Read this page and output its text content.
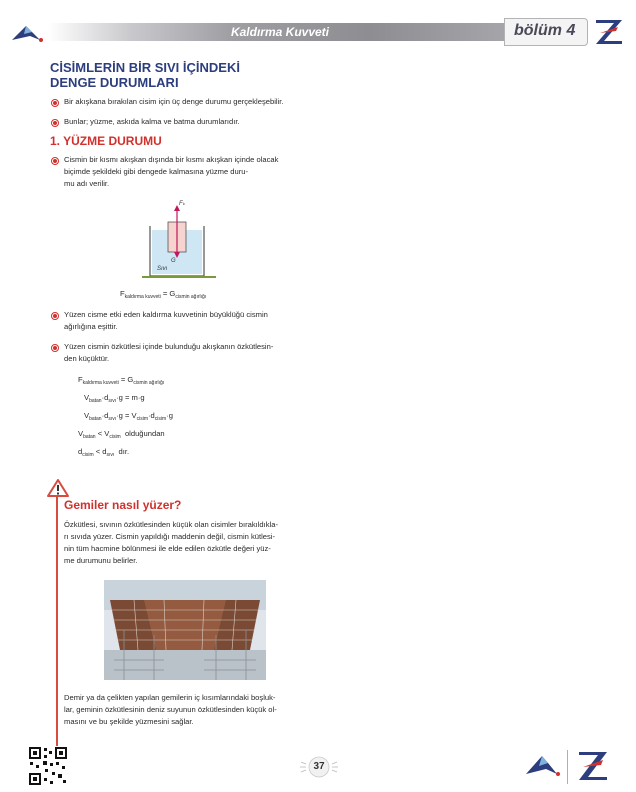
Kaldırma Kuvveti	bölüm 4
CİSİMLERİN BİR SIVI İÇİNDEKİ
DENGE DURUMLARI
Bir akışkana bırakılan cisim için üç denge durumu gerçekleşebilir.
Bunlar; yüzme, askıda kalma ve batma durumlarıdır.
1. YÜZME DURUMU
Cismin bir kısmı akışkan dışında bir kısmı akışkan içinde olacak
biçimde şekildeki gibi dengede kalmasına yüzme duru-
mu adı verilir.
Fₖ
G
Sıvı
$F_{kaldırma kuvveti} = G_{cismin ağırlığı}$
Yüzen cisme etki eden kaldırma kuvvetinin büyüklüğü cismin
ağırlığına eşittir.
Yüzen cismin özkütlesi içinde bulunduğu akışkanın özkütlesin-
den küçüktür.
$F_{kaldırma kuvveti} = G_{cismin ağırlığı}$
$V_{batan}\cdot d_{sıvı}\cdot g = m\cdot g$
$V_{batan}\cdot d_{sıvı}\cdot g = V_{cisim}\cdot d_{cisim}\cdot g$
$V_{batan} < V_{cisim}$ olduğundan
$d_{cisim} < d_{sıvı}$ dır.
Gemiler nasıl yüzer?
Özkütlesi, sıvının özkütlesinden küçük olan cisimler bırakıldıkla-
rı sıvıda yüzer. Cismin yapıldığı maddenin değil, cismin kütlesi-
nin tüm hacmine bölünmesi ile elde edilen özkütle değeri yüz-
me durumunu belirler.
Demir ya da çelikten yapılan gemilerin iç kısımlarındaki boşluk-
lar, geminin özkütlesinin deniz suyunun özkütlesinden küçük ol-
masını ve bu şekilde yüzmesini sağlar.
37
